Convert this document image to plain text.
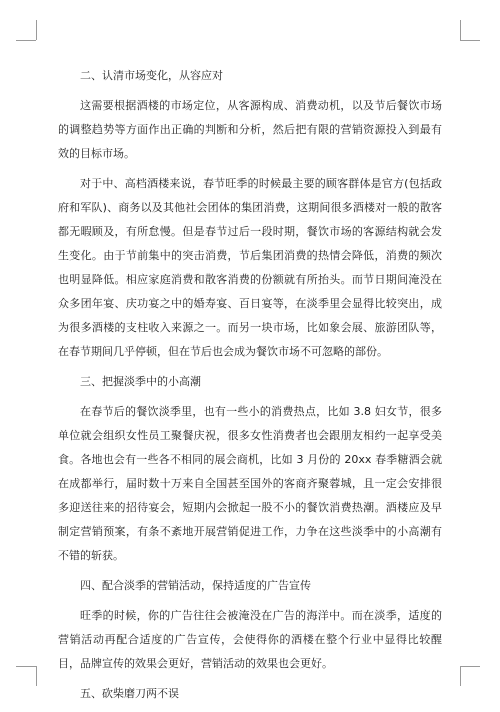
二、认清市场变化，从容应对

这需要根据酒楼的市场定位，从客源构成、消费动机，以及节后餐饮市场的调整趋势等方面作出正确的判断和分析，然后把有限的营销资源投入到最有效的目标市场。

对于中、高档酒楼来说，春节旺季的时候最主要的顾客群体是官方(包括政府和军队)、商务以及其他社会团体的集团消费，这期间很多酒楼对一般的散客都无暇顾及，有所怠慢。但是春节过后一段时期，餐饮市场的客源结构就会发生变化。由于节前集中的突击消费，节后集团消费的热情会降低，消费的频次也明显降低。相应家庭消费和散客消费的份额就有所抬头。而节日期间淹没在众多团年宴、庆功宴之中的婚寿宴、百日宴等，在淡季里会显得比较突出，成为很多酒楼的支柱收入来源之一。而另一块市场，比如象会展、旅游团队等，在春节期间几乎停顿，但在节后也会成为餐饮市场不可忽略的部份。

三、把握淡季中的小高潮

在春节后的餐饮淡季里，也有一些小的消费热点，比如 3.8 妇女节，很多单位就会组织女性员工聚餐庆祝，很多女性消费者也会跟朋友相约一起享受美食。各地也会有一些各不相同的展会商机，比如 3 月份的 20xx 春季糖酒会就在成都举行，届时数十万来自全国甚至国外的客商齐聚蓉城，且一定会安排很多迎送往来的招待宴会，短期内会掀起一股不小的餐饮消费热潮。酒楼应及早制定营销预案，有条不紊地开展营销促进工作，力争在这些淡季中的小高潮有不错的斩获。

四、配合淡季的营销活动，保持适度的广告宣传

旺季的时候，你的广告往往会被淹没在广告的海洋中。而在淡季，适度的营销活动再配合适度的广告宣传，会使得你的酒楼在整个行业中显得比较醒目，品牌宣传的效果会更好，营销活动的效果也会更好。

五、砍柴磨刀两不误
